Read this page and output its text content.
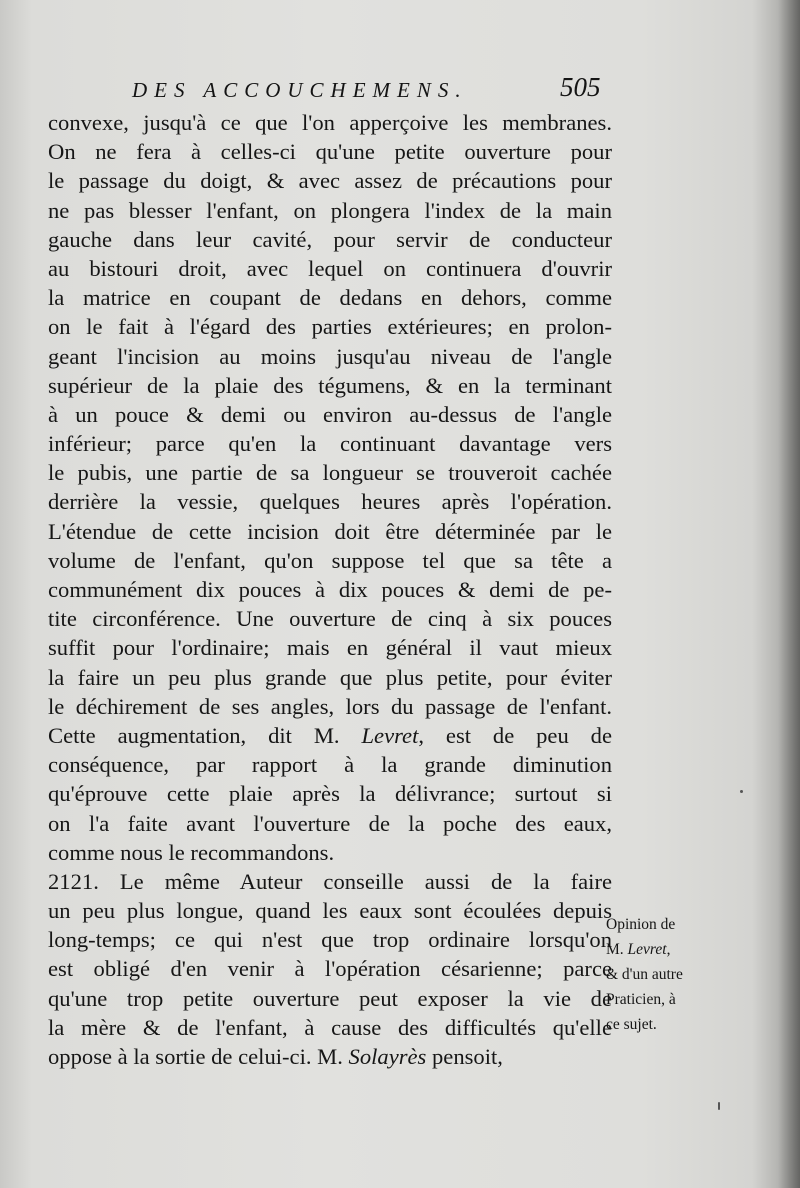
DES ACCOUCHEMENS.	505
convexe, jusqu'à ce que l'on apperçoive les membranes.
On ne fera à celles-ci qu'une petite ouverture pour
le passage du doigt, & avec assez de précautions pour
ne pas blesser l'enfant, on plongera l'index de la main
gauche dans leur cavité, pour servir de conducteur
au bistouri droit, avec lequel on continuera d'ouvrir
la matrice en coupant de dedans en dehors, comme
on le fait à l'égard des parties extérieures; en prolon-
geant l'incision au moins jusqu'au niveau de l'angle
supérieur de la plaie des tégumens, & en la terminant
à un pouce & demi ou environ au-dessus de l'angle
inférieur; parce qu'en la continuant davantage vers
le pubis, une partie de sa longueur se trouveroit cachée
derrière la vessie, quelques heures après l'opération.
L'étendue de cette incision doit être déterminée par le
volume de l'enfant, qu'on suppose tel que sa tête a
communément dix pouces à dix pouces & demi de pe-
tite circonférence. Une ouverture de cinq à six pouces
suffit pour l'ordinaire; mais en général il vaut mieux
la faire un peu plus grande que plus petite, pour éviter
le déchirement de ses angles, lors du passage de l'enfant.
Cette augmentation, dit M. Levret, est de peu de
conséquence, par rapport à la grande diminution
qu'éprouve cette plaie après la délivrance; surtout si
on l'a faite avant l'ouverture de la poche des eaux,
comme nous le recommandons.
2121. Le même Auteur conseille aussi de la faire
un peu plus longue, quand les eaux sont écoulées depuis
long-temps; ce qui n'est que trop ordinaire lorsqu'on
est obligé d'en venir à l'opération césarienne; parce
qu'une trop petite ouverture peut exposer la vie de
la mère & de l'enfant, à cause des difficultés qu'elle
oppose à la sortie de celui-ci. M. Solayrès pensoit,
Opinion de
M. Levret,
& d'un autre
Praticien, à
ce sujet.
